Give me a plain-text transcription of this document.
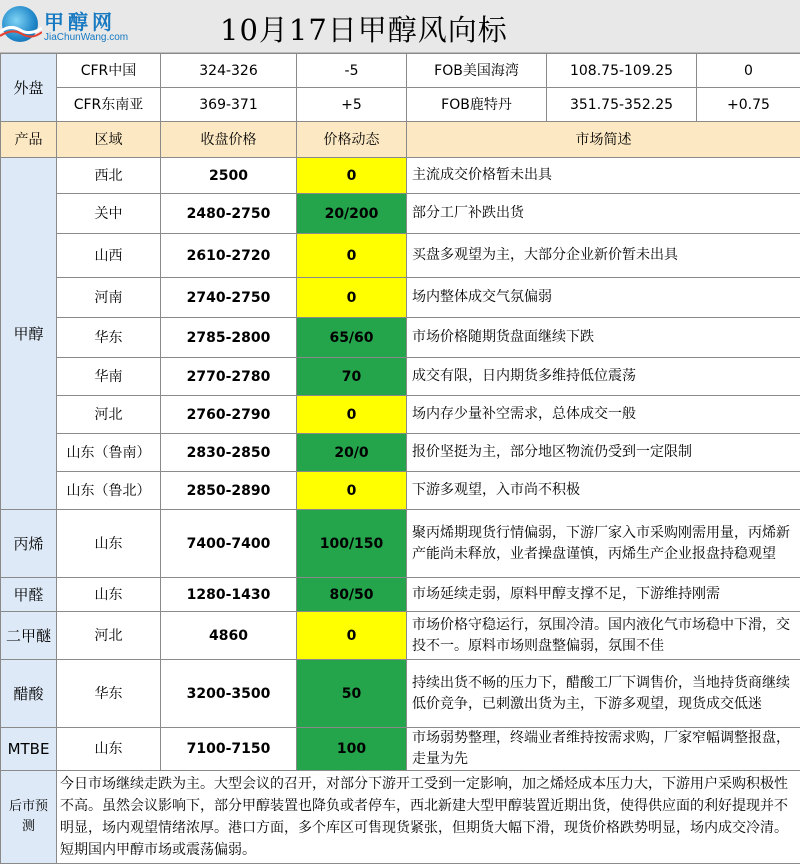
甲醇网
JiaChunWang.com	10月17日甲醇风向标
外盘	CFR中国	324-326	-5	FOB美国海湾	108.75-109.25	0
	CFR东南亚	369-371	+5	FOB鹿特丹	351.75-352.25	+0.75
产品	区域	收盘价格	价格动态	市场简述		
甲醇	西北	2500	0	主流成交价格暂未出具		
	关中	2480-2750	20/200	部分工厂补跌出货		
	山西	2610-2720	0	买盘多观望为主，大部分企业新价暂未出具		
	河南	2740-2750	0	场内整体成交气氛偏弱		
	华东	2785-2800	65/60	市场价格随期货盘面继续下跌		
	华南	2770-2780	70	成交有限，日内期货多维持低位震荡		
	河北	2760-2790	0	场内存少量补空需求，总体成交一般		
	山东（鲁南）	2830-2850	20/0	报价坚挺为主，部分地区物流仍受到一定限制		
	山东（鲁北）	2850-2890	0	下游多观望，入市尚不积极		
丙烯	山东	7400-7400	100/150	聚丙烯期现货行情偏弱，下游厂家入市采购刚需用量，丙烯新产能尚未释放，业者操盘谨慎，丙烯生产企业报盘持稳观望		
甲醛	山东	1280-1430	80/50	市场延续走弱，原料甲醇支撑不足，下游维持刚需		
二甲醚	河北	4860	0	市场价格守稳运行，氛围冷清。国内液化气市场稳中下滑，交投不一。原料市场则盘整偏弱，氛围不佳		
醋酸	华东	3200-3500	50	持续出货不畅的压力下，醋酸工厂下调售价，当地持货商继续低价竞争，已刺激出货为主，下游多观望，现货成交低迷		
MTBE	山东	7100-7150	100	市场弱势整理，终端业者维持按需求购，厂家窄幅调整报盘，走量为先		
后市预测	今日市场继续走跌为主。大型会议的召开，对部分下游开工受到一定影响，加之烯烃成本压力大，下游用户采购积极性不高。虽然会议影响下，部分甲醇装置也降负或者停车，西北新建大型甲醇装置近期出货，使得供应面的利好提现并不明显，场内观望情绪浓厚。港口方面，多个库区可售现货紧张，但期货大幅下滑，现货价格跌势明显，场内成交冷清。短期国内甲醇市场或震荡偏弱。					
